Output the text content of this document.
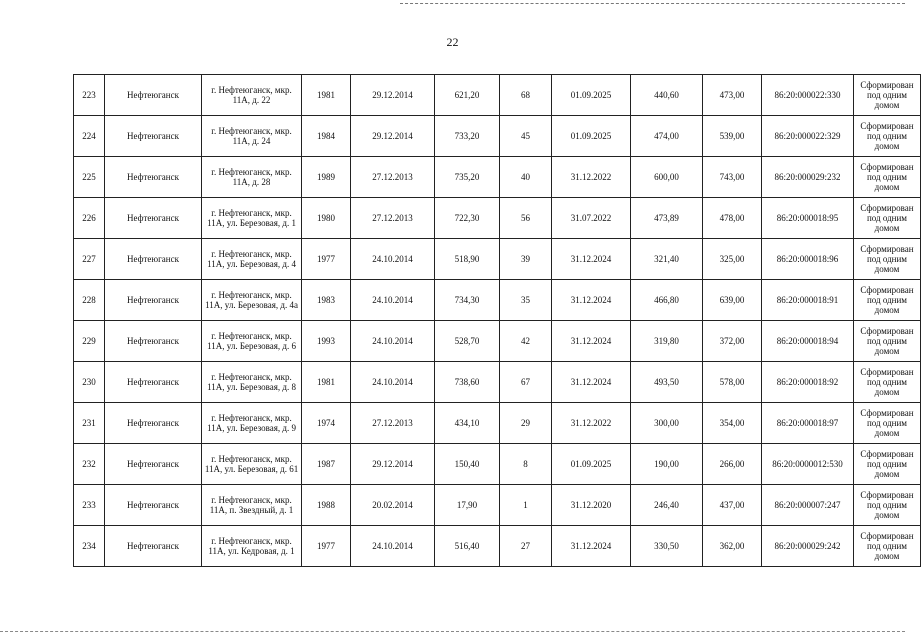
22
223	Нефтеюганск	г. Нефтеюганск, мкр. 11А, д. 22	1981	29.12.2014	621,20	68	01.09.2025	440,60	473,00	86:20:000022:330	Сформирован под одним домом
224	Нефтеюганск	г. Нефтеюганск, мкр. 11А, д. 24	1984	29.12.2014	733,20	45	01.09.2025	474,00	539,00	86:20:000022:329	Сформирован под одним домом
225	Нефтеюганск	г. Нефтеюганск, мкр. 11А, д. 28	1989	27.12.2013	735,20	40	31.12.2022	600,00	743,00	86:20:000029:232	Сформирован под одним домом
226	Нефтеюганск	г. Нефтеюганск, мкр. 11А, ул. Березовая, д. 1	1980	27.12.2013	722,30	56	31.07.2022	473,89	478,00	86:20:000018:95	Сформирован под одним домом
227	Нефтеюганск	г. Нефтеюганск, мкр. 11А, ул. Березовая, д. 4	1977	24.10.2014	518,90	39	31.12.2024	321,40	325,00	86:20:000018:96	Сформирован под одним домом
228	Нефтеюганск	г. Нефтеюганск, мкр. 11А, ул. Березовая, д. 4а	1983	24.10.2014	734,30	35	31.12.2024	466,80	639,00	86:20:000018:91	Сформирован под одним домом
229	Нефтеюганск	г. Нефтеюганск, мкр. 11А, ул. Березовая, д. 6	1993	24.10.2014	528,70	42	31.12.2024	319,80	372,00	86:20:000018:94	Сформирован под одним домом
230	Нефтеюганск	г. Нефтеюганск, мкр. 11А, ул. Березовая, д. 8	1981	24.10.2014	738,60	67	31.12.2024	493,50	578,00	86:20:000018:92	Сформирован под одним домом
231	Нефтеюганск	г. Нефтеюганск, мкр. 11А, ул. Березовая, д. 9	1974	27.12.2013	434,10	29	31.12.2022	300,00	354,00	86:20:000018:97	Сформирован под одним домом
232	Нефтеюганск	г. Нефтеюганск, мкр. 11А, ул. Березовая, д. 61	1987	29.12.2014	150,40	8	01.09.2025	190,00	266,00	86:20:0000012:530	Сформирован под одним домом
233	Нефтеюганск	г. Нефтеюганск, мкр. 11А, п. Звездный, д. 1	1988	20.02.2014	17,90	1	31.12.2020	246,40	437,00	86:20:000007:247	Сформирован под одним домом
234	Нефтеюганск	г. Нефтеюганск, мкр. 11А, ул. Кедровая, д. 1	1977	24.10.2014	516,40	27	31.12.2024	330,50	362,00	86:20:000029:242	Сформирован под одним домом
